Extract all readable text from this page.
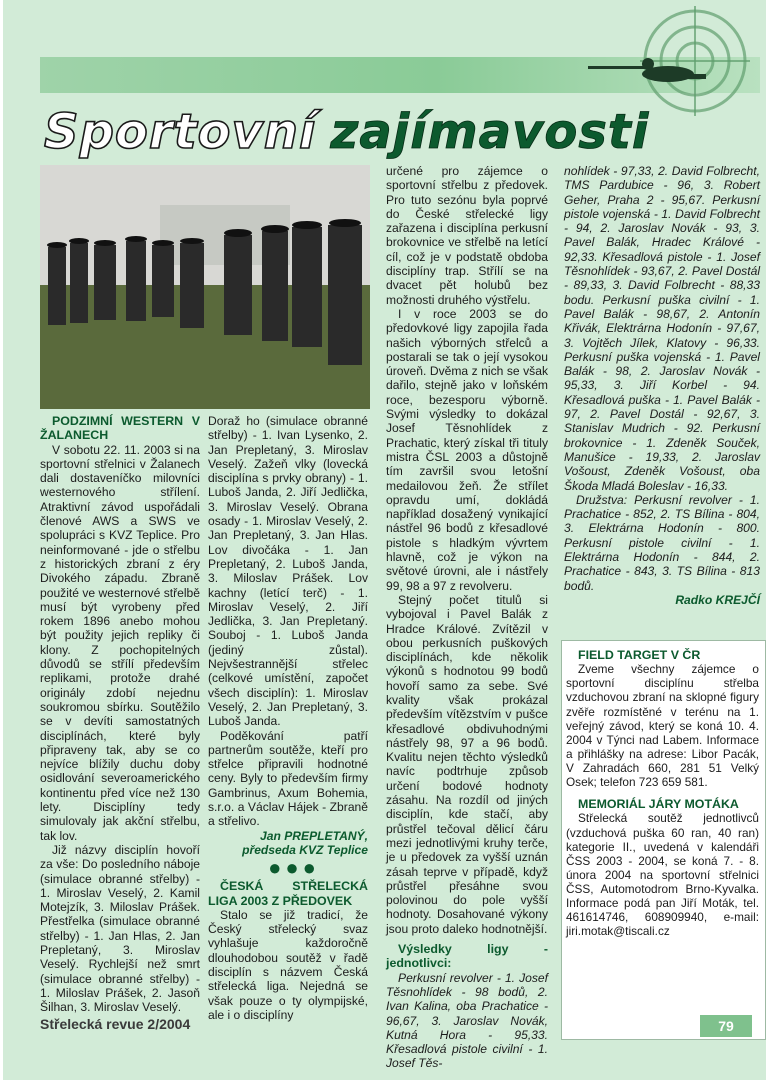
Sportovní zajímavosti

PODZIMNÍ WESTERN V ŽALANECH

V sobotu 22. 11. 2003 si na sportovní střelnici v Žalanech dali dostaveníčko milovníci westernového střílení. Atraktivní závod uspořádali členové AWS a SWS ve spolupráci s KVZ Teplice. Pro neinformované - jde o střelbu z historických zbraní z éry Divokého západu. Zbraně použité ve westernové střelbě musí být vyrobeny před rokem 1896 anebo mohou být použity jejich repliky či klony. Z pochopitelných důvodů se střílí především replikami, protože drahé originály zdobí nejednu soukromou sbírku. Soutěžilo se v devíti samostatných disciplínách, které byly připraveny tak, aby se co nejvíce blížily duchu doby osidlování severoamerického kontinentu před více než 130 lety. Disciplíny tedy simulovaly jak akční střelbu, tak lov.

Již názvy disciplín hovoří za vše: Do posledního náboje (simulace obranné střelby) - 1. Miroslav Veselý, 2. Kamil Motejzík, 3. Miloslav Prášek. Přestřelka (simulace obranné střelby) - 1. Jan Hlas, 2. Jan Prepletaný, 3. Miroslav Veselý. Rychlejší než smrt (simulace obranné střelby) - 1. Miloslav Prášek, 2. Jasoň Šilhan, 3. Miroslav Veselý.

Doraž ho (simulace obranné střelby) - 1. Ivan Lysenko, 2. Jan Prepletaný, 3. Miroslav Veselý. Zažeň vlky (lovecká disciplína s prvky obrany) - 1. Luboš Janda, 2. Jiří Jedlička, 3. Miroslav Veselý. Obrana osady - 1. Miroslav Veselý, 2. Jan Prepletaný, 3. Jan Hlas. Lov divočáka - 1. Jan Prepletaný, 2. Luboš Janda, 3. Miloslav Prášek. Lov kachny (letící terč) - 1. Miroslav Veselý, 2. Jiří Jedlička, 3. Jan Prepletaný. Souboj - 1. Luboš Janda (jediný zůstal). Nejvšestrannější střelec (celkové umístění, započet všech disciplín): 1. Miroslav Veselý, 2. Jan Prepletaný, 3. Luboš Janda.

Poděkování patří partnerům soutěže, kteří pro střelce připravili hodnotné ceny. Byly to především firmy Gambrinus, Axum Bohemia, s.r.o. a Václav Hájek - Zbraně a střelivo.

Jan PREPLETANÝ,

předseda KVZ Teplice

●●●

ČESKÁ STŘELECKÁ LIGA 2003 Z PŘEDOVEK

Stalo se již tradicí, že Český střelecký svaz vyhlašuje každoročně dlouhodobou soutěž v řadě disciplín s názvem Česká střelecká liga. Nejedná se však pouze o ty olympijské, ale i o disciplíny

určené pro zájemce o sportovní střelbu z předovek. Pro tuto sezónu byla poprvé do České střelecké ligy zařazena i disciplína perkusní brokovnice ve střelbě na letící cíl, což je v podstatě obdoba disciplíny trap. Střílí se na dvacet pět holubů bez možnosti druhého výstřelu.

I v roce 2003 se do předovkové ligy zapojila řada našich výborných střelců a postarali se tak o její vysokou úroveň. Dvěma z nich se však dařilo, stejně jako v loňském roce, bezesporu výborně. Svými výsledky to dokázal Josef Těsnohlídek z Prachatic, který získal tři tituly mistra ČSL 2003 a důstojně tím završil svou letošní medailovou žeň. Že střílet opravdu umí, dokládá například dosažený vynikající nástřel 96 bodů z křesadlové pistole s hladkým vývrtem hlavně, což je výkon na světové úrovni, ale i nástřely 99, 98 a 97 z revolveru.

Stejný počet titulů si vybojoval i Pavel Balák z Hradce Králové. Zvítězil v obou perkusních puškových disciplínách, kde několik výkonů s hodnotou 99 bodů hovoří samo za sebe. Své kvality však prokázal především vítězstvím v pušce křesadlové obdivuhodnými nástřely 98, 97 a 96 bodů. Kvalitu nejen těchto výsledků navíc podtrhuje způsob určení bodové hodnoty zásahu. Na rozdíl od jiných disciplín, kde stačí, aby průstřel tečoval dělicí čáru mezi jednotlivými kruhy terče, je u předovek za vyšší uznán zásah teprve v případě, když průstřel přesáhne svou polovinou do pole vyšší hodnoty. Dosahované výkony jsou proto daleko hodnotnější.

Výsledky ligy - jednotlivci:

Perkusní revolver - 1. Josef Těsnohlídek - 98 bodů, 2. Ivan Kalina, oba Prachatice - 96,67, 3. Jaroslav Novák, Kutná Hora - 95,33. Křesadlová pistole civilní - 1. Josef Těs-

nohlídek - 97,33, 2. David Folbrecht, TMS Pardubice - 96, 3. Robert Geher, Praha 2 - 95,67. Perkusní pistole vojenská - 1. David Folbrecht - 94, 2. Jaroslav Novák - 93, 3. Pavel Balák, Hradec Králové - 92,33. Křesadlová pistole - 1. Josef Těsnohlídek - 93,67, 2. Pavel Dostál - 89,33, 3. David Folbrecht - 88,33 bodu. Perkusní puška civilní - 1. Pavel Balák - 98,67, 2. Antonín Křivák, Elektrárna Hodonín - 97,67, 3. Vojtěch Jílek, Klatovy - 96,33. Perkusní puška vojenská - 1. Pavel Balák - 98, 2. Jaroslav Novák - 95,33, 3. Jiří Korbel - 94. Křesadlová puška - 1. Pavel Balák - 97, 2. Pavel Dostál - 92,67, 3. Stanislav Mudrich - 92. Perkusní brokovnice - 1. Zdeněk Souček, Manušice - 19,33, 2. Jaroslav Vošoust, Zdeněk Vošoust, oba Škoda Mladá Boleslav - 16,33.

Družstva: Perkusní revolver - 1. Prachatice - 852, 2. TS Bílina - 804, 3. Elektrárna Hodonín - 800. Perkusní pistole civilní - 1. Elektrárna Hodonín - 844, 2. Prachatice - 843, 3. TS Bílina - 813 bodů.

Radko KREJČÍ

FIELD TARGET V ČR

Zveme všechny zájemce o sportovní disciplínu střelba vzduchovou zbraní na sklopné figury zvěře rozmístěné v terénu na 1. veřejný závod, který se koná 10. 4. 2004 v Týnci nad Labem. Informace a přihlášky na adrese: Libor Pacák, V Zahradách 660, 281 51 Velký Osek; telefon 723 659 581.

MEMORIÁL JÁRY MOTÁKA

Střelecká soutěž jednotlivců (vzduchová puška 60 ran, 40 ran) kategorie II., uvedená v kalendáři ČSS 2003 - 2004, se koná 7. - 8. února 2004 na sportovní střelnici ČSS, Automotodrom Brno-Kyvalka. Informace podá pan Jiří Moták, tel. 461614746, 608909940, e-mail: jiri.motak@tiscali.cz

Střelecká revue 2/2004	79
